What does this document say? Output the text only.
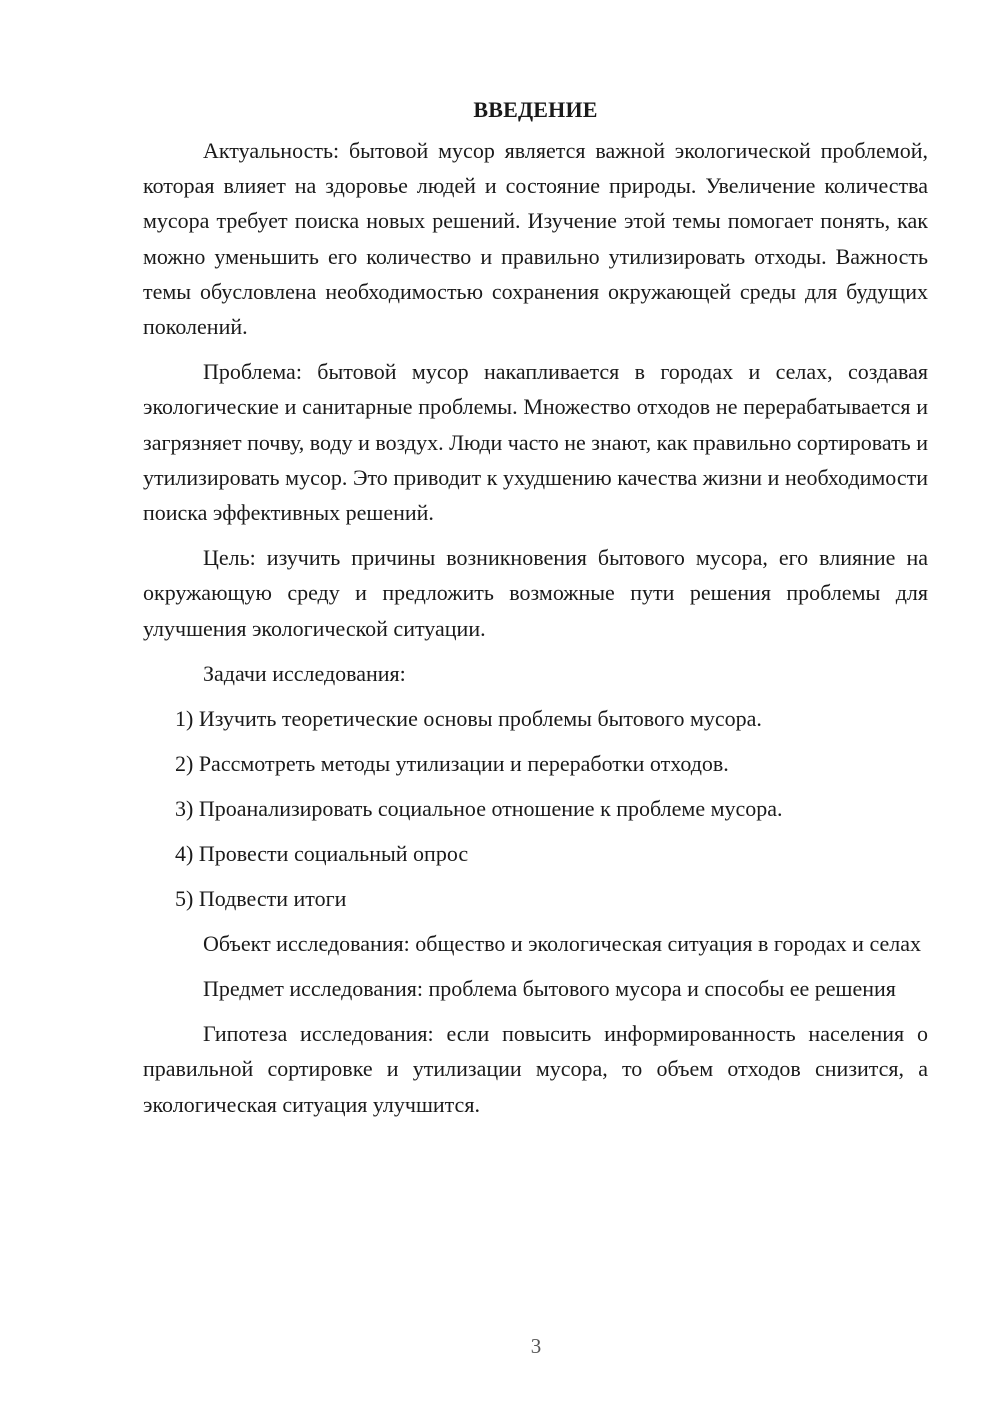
ВВЕДЕНИЕ

Актуальность: бытовой мусор является важной экологической проблемой, которая влияет на здоровье людей и состояние природы. Увеличение количества мусора требует поиска новых решений. Изучение этой темы помогает понять, как можно уменьшить его количество и правильно утилизировать отходы. Важность темы обусловлена необходимостью сохранения окружающей среды для будущих поколений.

Проблема: бытовой мусор накапливается в городах и селах, создавая экологические и санитарные проблемы. Множество отходов не перерабатывается и загрязняет почву, воду и воздух. Люди часто не знают, как правильно сортировать и утилизировать мусор. Это приводит к ухудшению качества жизни и необходимости поиска эффективных решений.

Цель: изучить причины возникновения бытового мусора, его влияние на окружающую среду и предложить возможные пути решения проблемы для улучшения экологической ситуации.

Задачи исследования:

1) Изучить теоретические основы проблемы бытового мусора.

2) Рассмотреть методы утилизации и переработки отходов.

3) Проанализировать социальное отношение к проблеме мусора.

4) Провести социальный опрос

5) Подвести итоги

Объект исследования: общество и экологическая ситуация в городах и селах

Предмет исследования: проблема бытового мусора и способы ее решения

Гипотеза исследования: если повысить информированность населения о правильной сортировке и утилизации мусора, то объем отходов снизится, а экологическая ситуация улучшится.

3
